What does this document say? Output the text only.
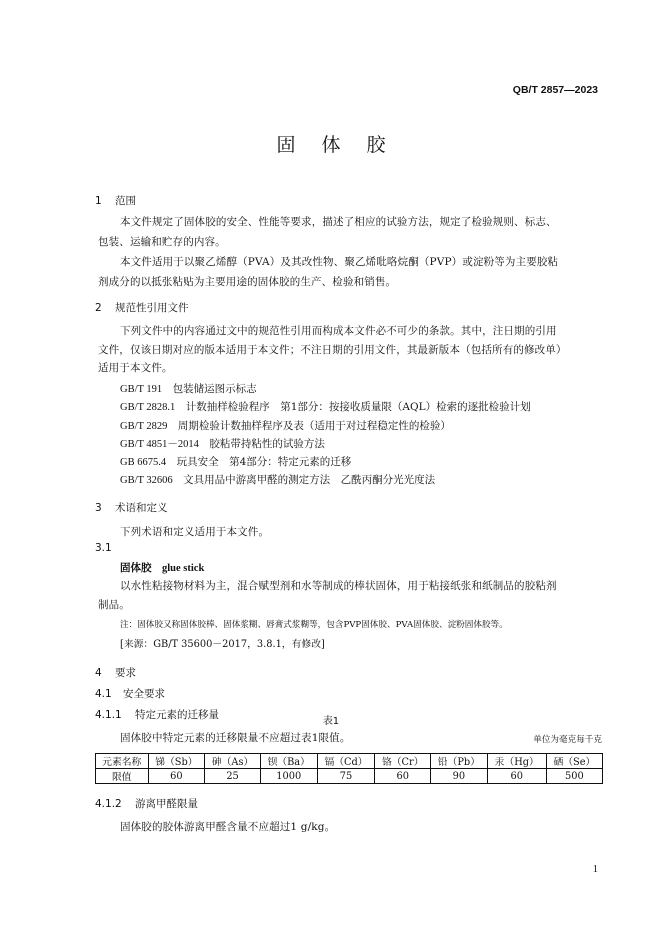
QB/T 2857—2023
固 体 胶
1 范围
本文件规定了固体胶的安全、性能等要求，描述了相应的试验方法，规定了检验规则、标志、
包装、运输和贮存的内容。
本文件适用于以聚乙烯醇（PVA）及其改性物、聚乙烯吡咯烷酮（PVP）或淀粉等为主要胶粘
剂成分的以抵张粘贴为主要用途的固体胶的生产、检验和销售。
2 规范性引用文件
下列文件中的内容通过文中的规范性引用而构成本文件必不可少的条款。其中，注日期的引用
文件，仅该日期对应的版本适用于本文件；不注日期的引用文件，其最新版本（包括所有的修改单）
适用于本文件。
GB/T 191　 包装储运图示标志
GB/T 2828.1　 计数抽样检验程序　第1部分：按接收质量限（AQL）检索的逐批检验计划
GB/T 2829　 周期检验计数抽样程序及表（适用于对过程稳定性的检验）
GB/T 4851－2014　 胶粘带持粘性的试验方法
GB 6675.4　 玩具安全　第4部分：特定元素的迁移
GB/T 32606　 文具用品中游离甲醛的测定方法　乙酰丙酮分光光度法
3 术语和定义
下列术语和定义适用于本文件。
3.1
固体胶　 glue stick
以水性粘接物材料为主，混合赋型剂和水等制成的棒状固体，用于粘接纸张和纸制品的胶粘剂
制品。
注：固体胶又称固体胶棒、固体浆糊、唇膏式浆糊等，包含PVP固体胶、PVA固体胶、淀粉固体胶等。
[来源：GB/T 35600－2017，3.8.1，有修改]
4 要求
4.1 安全要求
4.1.1 特定元素的迁移量
固体胶中特定元素的迁移限量不应超过表1限值。
表1
单位为毫克每千克
元素名称	锑（Sb）	砷（As）	钡（Ba）	镉（Cd）	铬（Cr）	铅（Pb）	汞（Hg）	硒（Se）
限值	60	25	1000	75	60	90	60	500
4.1.2 游离甲醛限量
固体胶的胶体游离甲醛含量不应超过1 g/kg。
1
